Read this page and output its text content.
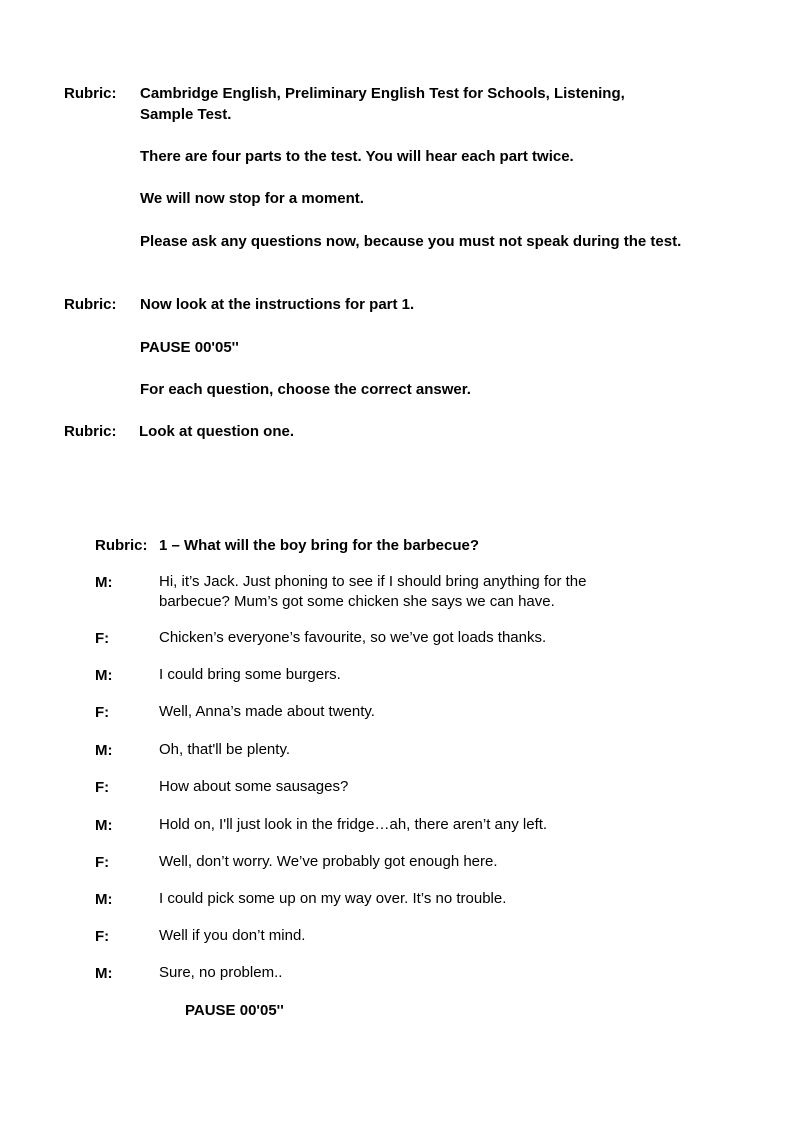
Rubric: Cambridge English, Preliminary English Test for Schools, Listening,
Sample Test.
There are four parts to the test. You will hear each part twice.
We will now stop for a moment.
Please ask any questions now, because you must not speak during the test.
Rubric: Now look at the instructions for part 1.
PAUSE 00'05''
For each question, choose the correct answer.
Rubric: Look at question one.
Rubric: 1 – What will the boy bring for the barbecue?
M:	Hi, it’s Jack. Just phoning to see if I should bring anything for the
barbecue? Mum’s got some chicken she says we can have.
F:	Chicken’s everyone’s favourite, so we’ve got loads thanks.
M:	I could bring some burgers.
F:	Well, Anna’s made about twenty.
M:	Oh, that'll be plenty.
F:	How about some sausages?
M:	Hold on, I'll just look in the fridge…ah, there aren’t any left.
F:	Well, don’t worry. We’ve probably got enough here.
M:	I could pick some up on my way over. It’s no trouble.
F:	Well if you don’t mind.
M:	Sure, no problem..
PAUSE 00'05''
